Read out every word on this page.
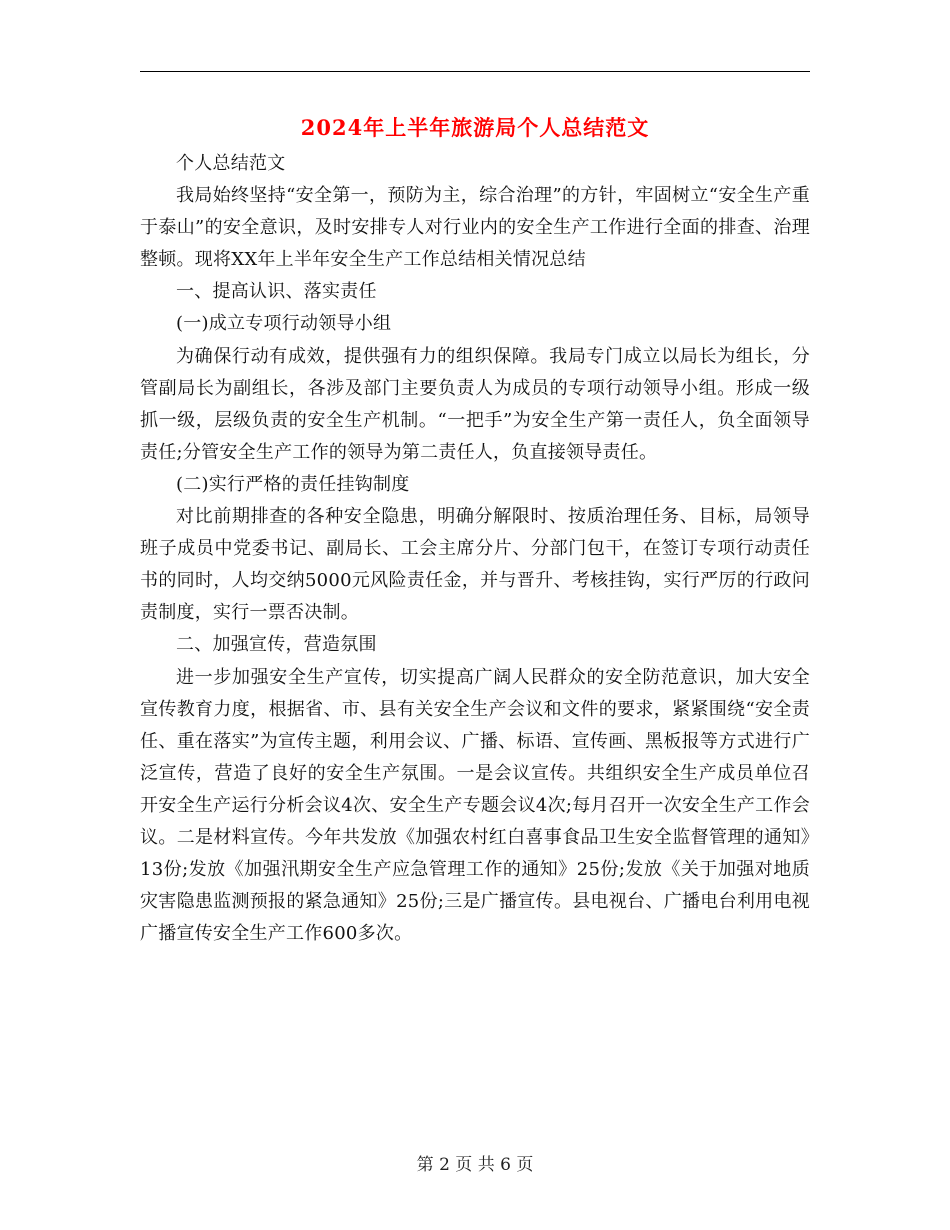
2024年上半年旅游局个人总结范文

个人总结范文

我局始终坚持“安全第一，预防为主，综合治理”的方针，牢固树立“安全生产重于泰山”的安全意识，及时安排专人对行业内的安全生产工作进行全面的排查、治理整顿。现将XX年上半年安全生产工作总结相关情况总结

一、提高认识、落实责任

(一)成立专项行动领导小组

为确保行动有成效，提供强有力的组织保障。我局专门成立以局长为组长，分管副局长为副组长，各涉及部门主要负责人为成员的专项行动领导小组。形成一级抓一级，层级负责的安全生产机制。“一把手”为安全生产第一责任人，负全面领导责任;分管安全生产工作的领导为第二责任人，负直接领导责任。

(二)实行严格的责任挂钩制度

对比前期排查的各种安全隐患，明确分解限时、按质治理任务、目标，局领导班子成员中党委书记、副局长、工会主席分片、分部门包干，在签订专项行动责任书的同时，人均交纳5000元风险责任金，并与晋升、考核挂钩，实行严厉的行政问责制度，实行一票否决制。

二、加强宣传，营造氛围

进一步加强安全生产宣传，切实提高广阔人民群众的安全防范意识，加大安全宣传教育力度，根据省、市、县有关安全生产会议和文件的要求，紧紧围绕“安全责任、重在落实”为宣传主题，利用会议、广播、标语、宣传画、黑板报等方式进行广泛宣传，营造了良好的安全生产氛围。一是会议宣传。共组织安全生产成员单位召开安全生产运行分析会议4次、安全生产专题会议4次;每月召开一次安全生产工作会议。二是材料宣传。今年共发放《加强农村红白喜事食品卫生安全监督管理的通知》13份;发放《加强汛期安全生产应急管理工作的通知》25份;发放《关于加强对地质灾害隐患监测预报的紧急通知》25份;三是广播宣传。县电视台、广播电台利用电视广播宣传安全生产工作600多次。

第 2 页 共 6 页
